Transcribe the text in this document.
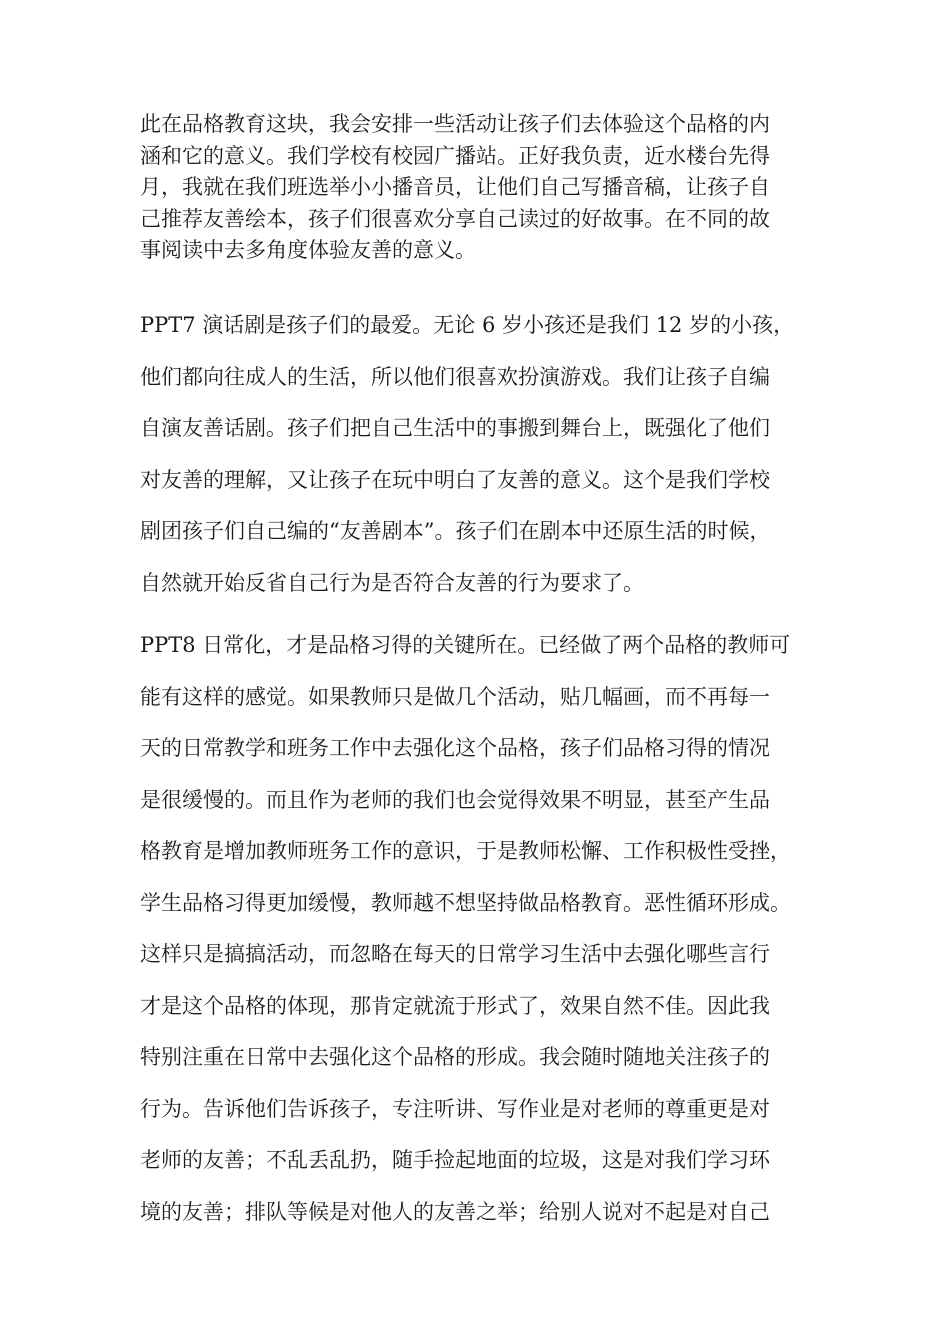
此在品格教育这块，我会安排一些活动让孩子们去体验这个品格的内
涵和它的意义。我们学校有校园广播站。正好我负责，近水楼台先得
月，我就在我们班选举小小播音员，让他们自己写播音稿，让孩子自
己推荐友善绘本，孩子们很喜欢分享自己读过的好故事。在不同的故
事阅读中去多角度体验友善的意义。

PPT7 演话剧是孩子们的最爱。无论 6 岁小孩还是我们 12 岁的小孩，
他们都向往成人的生活，所以他们很喜欢扮演游戏。我们让孩子自编
自演友善话剧。孩子们把自己生活中的事搬到舞台上，既强化了他们
对友善的理解，又让孩子在玩中明白了友善的意义。这个是我们学校
剧团孩子们自己编的“友善剧本”。孩子们在剧本中还原生活的时候，
自然就开始反省自己行为是否符合友善的行为要求了。

PPT8 日常化，才是品格习得的关键所在。已经做了两个品格的教师可
能有这样的感觉。如果教师只是做几个活动，贴几幅画，而不再每一
天的日常教学和班务工作中去强化这个品格，孩子们品格习得的情况
是很缓慢的。而且作为老师的我们也会觉得效果不明显，甚至产生品
格教育是增加教师班务工作的意识，于是教师松懈、工作积极性受挫，
学生品格习得更加缓慢，教师越不想坚持做品格教育。恶性循环形成。
这样只是搞搞活动，而忽略在每天的日常学习生活中去强化哪些言行
才是这个品格的体现，那肯定就流于形式了，效果自然不佳。因此我
特别注重在日常中去强化这个品格的形成。我会随时随地关注孩子的
行为。告诉他们告诉孩子，专注听讲、写作业是对老师的尊重更是对
老师的友善；不乱丢乱扔，随手捡起地面的垃圾，这是对我们学习环
境的友善；排队等候是对他人的友善之举；给别人说对不起是对自己
